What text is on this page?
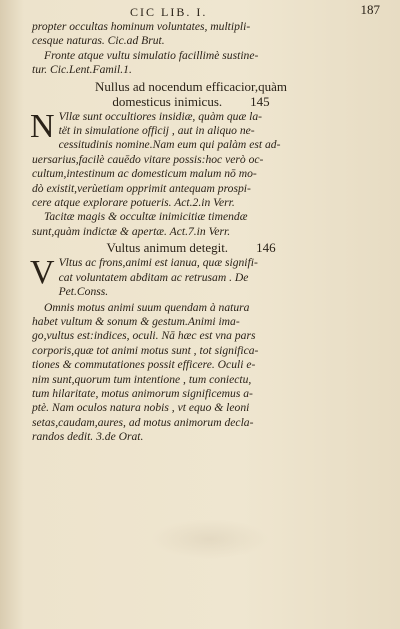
CIC LIB. I.	187
propter occultas hominum voluntates, multipli-
cesque naturas. Cic.ad Brut.
Fronte atque vultu simulatio facillimè sustine-
tur. Cic.Lent.Famil.1.
Nullus ad nocendum efficacior,quàm
domesticus inimicus. 145
N Vllæ sunt occultiores insidiæ, quàm quæ la-
tët in simulatione officij , aut in aliquo ne-
cessitudinis nomine.Nam eum qui palàm est ad-
uersarius,facilè cauēdo vitare possis:hoc verò oc-
cultum,intestinum ac domesticum malum nō mo-
dò existit,verùetiam opprimit antequam prospi-
cere atque explorare potueris. Act.2.in Verr.
Tacitæ magis & occultæ inimicitiæ timendæ
sunt,quàm indictæ & apertæ. Act.7.in Verr.
Vultus animum detegit. 146
V Vltus ac frons,animi est ianua, quæ signifi-
cat voluntatem abditam ac retrusam . De
Pet.Conss.
Omnis motus animi suum quendam à natura
habet vultum & sonum & gestum.Animi ima-
go,vultus est:indices, oculi. Nā hæc est vna pars
corporis,quæ tot animi motus sunt , tot significa-
tiones & commutationes possit efficere. Oculi e-
nim sunt,quorum tum intentione , tum coniectu,
tum hilaritate, motus animorum significemus a-
ptè. Nam oculos natura nobis , vt equo & leoni
setas,caudam,aures, ad motus animorum decla-
randos dedit. 3.de Orat.
